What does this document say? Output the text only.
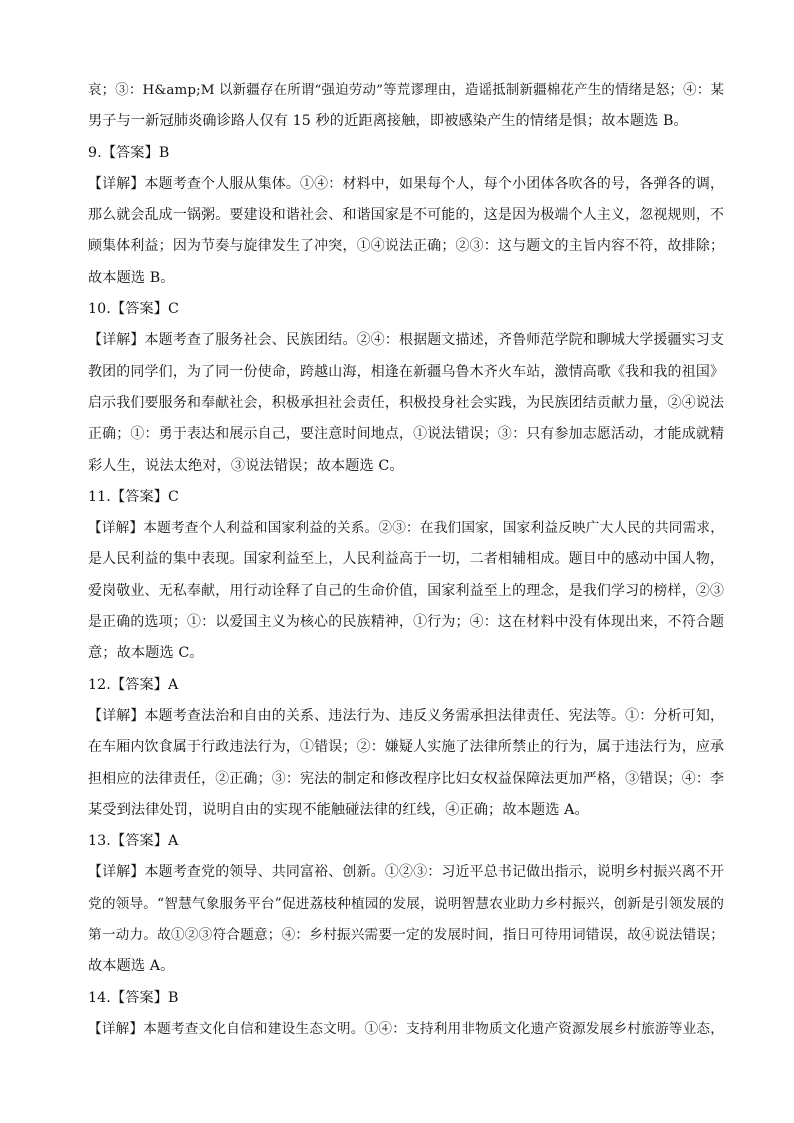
哀；③：H&amp;M 以新疆存在所谓“强迫劳动”等荒谬理由，造谣抵制新疆棉花产生的情绪是怒；④：某

男子与一新冠肺炎确诊路人仅有 15 秒的近距离接触，即被感染产生的情绪是惧；故本题选 B。

9.【答案】B

【详解】本题考查个人服从集体。①④：材料中，如果每个人，每个小团体各吹各的号，各弹各的调，

那么就会乱成一锅粥。要建设和谐社会、和谐国家是不可能的，这是因为极端个人主义，忽视规则，不

顾集体利益；因为节奏与旋律发生了冲突，①④说法正确；②③：这与题文的主旨内容不符，故排除；

故本题选 B。

10.【答案】C

【详解】本题考查了服务社会、民族团结。②④：根据题文描述，齐鲁师范学院和聊城大学援疆实习支

教团的同学们，为了同一份使命，跨越山海，相逢在新疆乌鲁木齐火车站，激情高歌《我和我的祖国》

启示我们要服务和奉献社会，积极承担社会责任，积极投身社会实践，为民族团结贡献力量，②④说法

正确；①：勇于表达和展示自己，要注意时间地点，①说法错误；③：只有参加志愿活动，才能成就精

彩人生，说法太绝对，③说法错误；故本题选 C。

11.【答案】C

【详解】本题考查个人利益和国家利益的关系。②③：在我们国家，国家利益反映广大人民的共同需求，

是人民利益的集中表现。国家利益至上，人民利益高于一切，二者相辅相成。题目中的感动中国人物，

爱岗敬业、无私奉献，用行动诠释了自己的生命价值，国家利益至上的理念，是我们学习的榜样，②③

是正确的选项；①：以爱国主义为核心的民族精神，①行为；④：这在材料中没有体现出来，不符合题

意；故本题选 C。

12.【答案】A

【详解】本题考查法治和自由的关系、违法行为、违反义务需承担法律责任、宪法等。①：分析可知，

在车厢内饮食属于行政违法行为，①错误；②：嫌疑人实施了法律所禁止的行为，属于违法行为，应承

担相应的法律责任，②正确；③：宪法的制定和修改程序比妇女权益保障法更加严格，③错误；④：李

某受到法律处罚，说明自由的实现不能触碰法律的红线，④正确；故本题选 A。

13.【答案】A

【详解】本题考查党的领导、共同富裕、创新。①②③：习近平总书记做出指示，说明乡村振兴离不开

党的领导。“智慧气象服务平台”促进荔枝种植园的发展，说明智慧农业助力乡村振兴，创新是引领发展的

第一动力。故①②③符合题意；④：乡村振兴需要一定的发展时间，指日可待用词错误，故④说法错误；

故本题选 A。

14.【答案】B

【详解】本题考查文化自信和建设生态文明。①④：支持利用非物质文化遗产资源发展乡村旅游等业态，
